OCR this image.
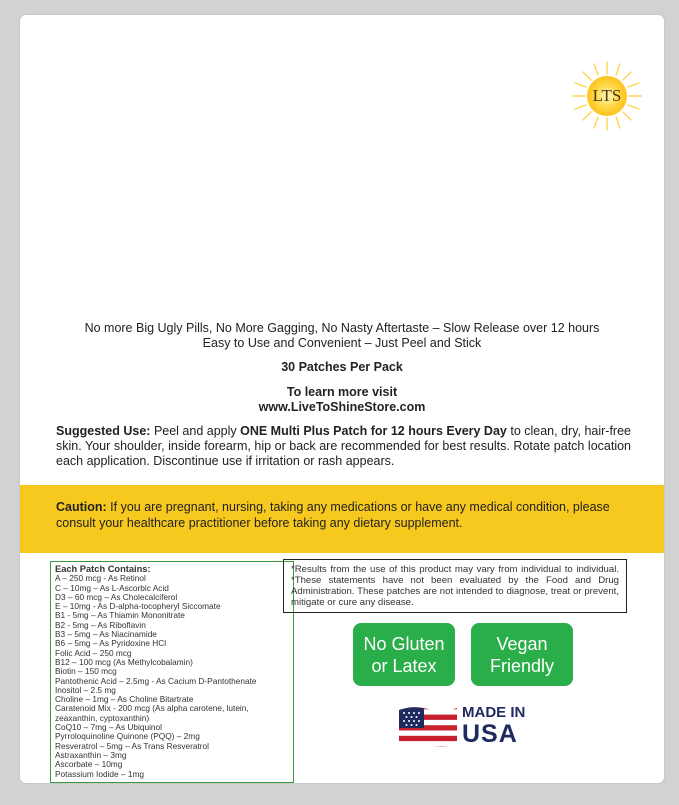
LTS
No more Big Ugly Pills, No More Gagging, No Nasty Aftertaste – Slow Release over 12 hours
Easy to Use and Convenient – Just Peel and Stick
30 Patches Per Pack
To learn more visit
www.LiveToShineStore.com
Suggested Use: Peel and apply ONE Multi Plus Patch for 12 hours Every Day to clean, dry, hair-free skin. Your shoulder, inside forearm, hip or back are recommended for best results. Rotate patch location each application. Discontinue use if irritation or rash appears.
Caution: If you are pregnant, nursing, taking any medications or have any medical condition, please consult your healthcare practitioner before taking any dietary supplement.
Each Patch Contains:
A – 250 mcg - As Retinol
C – 10mg – As L-Ascorbic Acid
D3 – 60 mcg – As Cholecalciferol
E – 10mg - As D-alpha-tocopheryl Siccomate
B1 - 5mg – As Thiamin Mononitrate
B2 - 5mg – As Riboflavin
B3 – 5mg – As Niacinamide
B6 – 5mg – As Pyridoxine HCl
Folic Acid – 250 mcg
B12 – 100 mcg (As Methylcobalamin)
Biotin – 150 mcg
Pantothenic Acid – 2.5mg - As Cacium D-Pantothenate
Inositol – 2.5 mg
Choline – 1mg – As Choline Bitartrate
Caratenoid Mix - 200 mcg (As alpha carotene, lutein,
zeaxanthin, cyptoxanthin)
CoQ10 – 7mg – As Ubiquinol
Pyrroloquinoline Quinone (PQQ) – 2mg
Resveratrol – 5mg – As Trans Resveratrol
Astraxanthin – 3mg
Ascorbate – 10mg
Potassium Iodide – 1mg
*Results from the use of this product may vary from individual to individual. *These statements have not been evaluated by the Food and Drug Administration. These patches are not intended to diagnose, treat or prevent, mitigate or cure any disease.
No Gluten
or Latex
Vegan
Friendly
MADE IN
USA
